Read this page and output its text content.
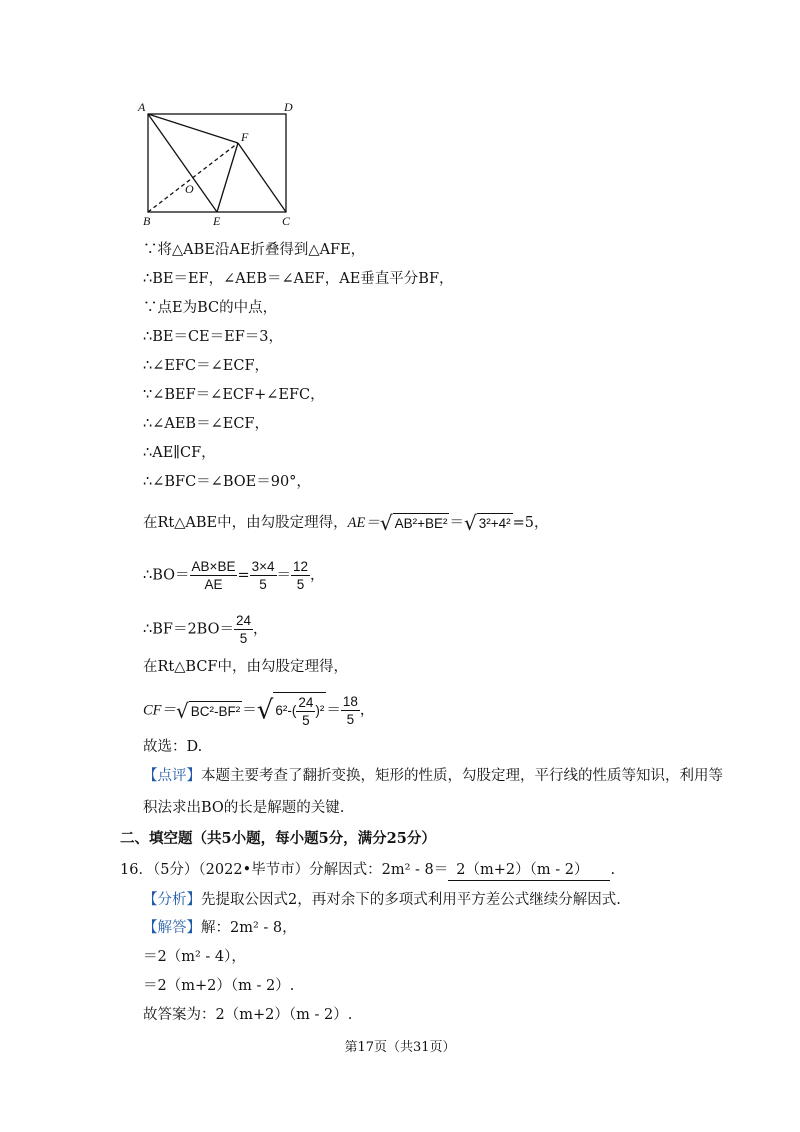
A	D
F
O
B	E	C
∵将△ABE沿AE折叠得到△AFE，
∴BE＝EF，∠AEB＝∠AEF，AE垂直平分BF，
∵点E为BC的中点，
∴BE＝CE＝EF＝3，
∴∠EFC＝∠ECF，
∵∠BEF＝∠ECF+∠EFC，
∴∠AEB＝∠ECF，
∴AE∥CF，
∴∠BFC＝∠BOE＝90°，
在Rt△ABE中，由勾股定理得，AE＝√ AB²+BE² ＝√ 3²+4² =5，
∴BO＝ $\frac{AB\times BE}{AE} = \frac{3\times 4}{5} = \frac{12}{5}$ ，
∴BF＝2BO＝ $\frac{24}{5}$ ，
在Rt△BCF中，由勾股定理得，
CF＝√ BC²-BF² ＝√ $6^2-( \frac{24}{5} )^2 = \frac{18}{5}$ ，
故选：D.
【点评】本题主要考查了翻折变换，矩形的性质，勾股定理，平行线的性质等知识，利用等
积法求出BO的长是解题的关键.
二、填空题（共5小题，每小题5分，满分25分）
16．（5分）（2022•毕节市）分解因式：2m² - 8＝ 2（m+2）（m - 2） .
【分析】先提取公因式2，再对余下的多项式利用平方差公式继续分解因式.
【解答】解：2m² - 8，
＝2（m² - 4），
＝2（m+2）（m - 2）.
故答案为：2（m+2）（m - 2）.
第17页（共31页）
